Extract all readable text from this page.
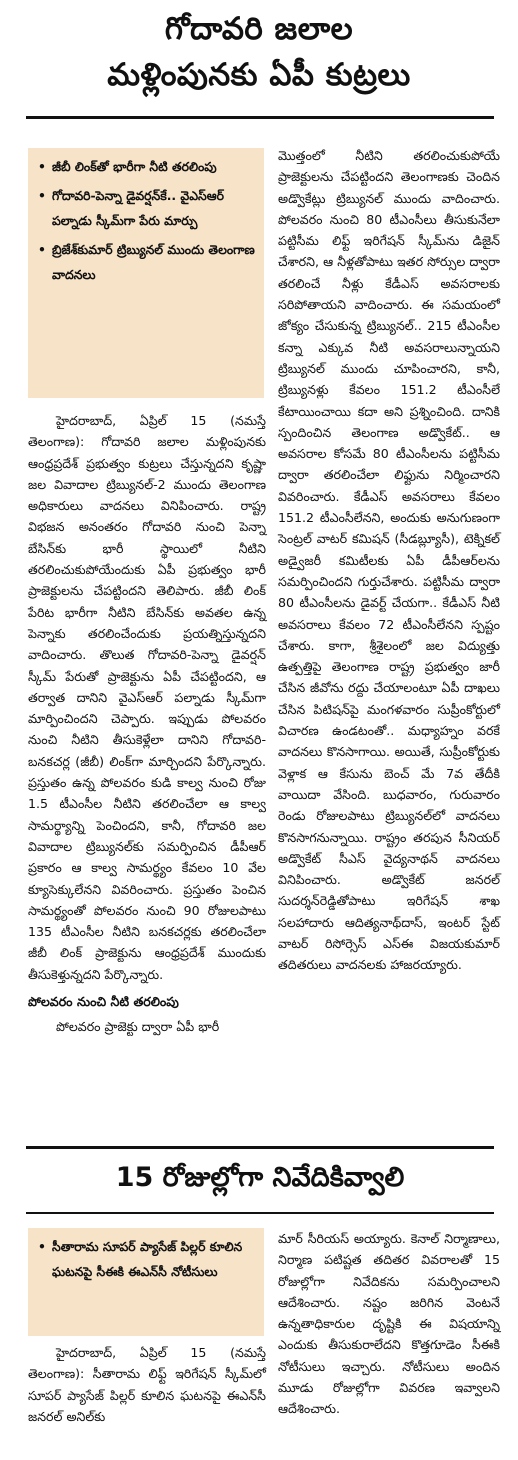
గోదావరి జలాల
మళ్లింపునకు ఏపీ కుట్రలు
• జీబీ లింక్‌తో భారీగా నీటి తరలింపు
• గోదావరి-పెన్నా డైవర్షన్‌కే.. వైఎస్‌ఆర్ పల్నాడు స్కీమ్‌గా పేరు మార్పు
• బ్రిజేశ్‌కుమార్ ట్రిబ్యునల్ ముందు తెలంగాణ వాదనలు

హైదరాబాద్, ఏప్రిల్ 15 (నమస్తే తెలంగాణ): గోదావరి జలాల మళ్లింపునకు ఆంధ్రప్రదేశ్ ప్రభుత్వం కుట్రలు చేస్తున్నదని కృష్ణా జల వివాదాల ట్రిబ్యునల్-2 ముందు తెలంగాణ అధికారులు వాదనలు వినిపించారు. రాష్ట్ర విభజన అనంతరం గోదావరి నుంచి పెన్నా బేసిన్‌కు భారీ స్థాయిలో నీటిని తరలించుకుపోయేందుకు ఏపీ ప్రభుత్వం భారీ ప్రాజెక్టులను చేపట్టిందని తెలిపారు. జీబీ లింక్ పేరిట భారీగా నీటిని బేసిన్‌కు అవతల ఉన్న పెన్నాకు తరలించేందుకు ప్రయత్నిస్తున్నదని వాదించారు. తొలుత గోదావరి-పెన్నా డైవర్షన్ స్కీమ్ పేరుతో ప్రాజెక్టును ఏపీ చేపట్టిందని, ఆ తర్వాత దానిని వైఎస్‌ఆర్ పల్నాడు స్కీమ్‌గా మార్పించిందని చెప్పారు. ఇప్పుడు పోలవరం నుంచి నీటిని తీసుకెళ్లేలా దానిని గోదావరి-బనకచర్ల (జీబీ) లింక్‌గా మార్చిందని పేర్కొన్నారు. ప్రస్తుతం ఉన్న పోలవరం కుడి కాల్వ నుంచి రోజు 1.5 టీఎంసీల నీటిని తరలించేలా ఆ కాల్వ సామర్థ్యాన్ని పెంచిందని, కానీ, గోదావరి జల వివాదాల ట్రిబ్యునల్‌కు సమర్పించిన డీపీఆర్ ప్రకారం ఆ కాల్వ సామర్థ్యం కేవలం 10 వేల క్యూసెక్కులేనని వివరించారు. ప్రస్తుతం పెంచిన సామర్థ్యంతో పోలవరం నుంచి 90 రోజులపాటు 135 టీఎంసీల నీటిని బనకచర్లకు తరలించేలా జీబీ లింక్ ప్రాజెక్టును ఆంధ్రప్రదేశ్ ముందుకు తీసుకెళ్తున్నదని పేర్కొన్నారు.

పోలవరం నుంచి నీటి తరలింపు

పోలవరం ప్రాజెక్టు ద్వారా ఏపీ భారీ

మొత్తంలో నీటిని తరలించుకుపోయే ప్రాజెక్టులను చేపట్టిందని తెలంగాణకు చెందిన అడ్వొకేట్లు ట్రిబ్యునల్ ముందు వాదించారు. పోలవరం నుంచి 80 టీఎంసీలు తీసుకునేలా పట్టిసీమ లిఫ్ట్ ఇరిగేషన్ స్కీమ్‌ను డిజైన్ చేశారని, ఆ నీళ్లతోపాటు ఇతర సోర్సుల ద్వారా తరలించే నీళ్లు కేడీఎస్ అవసరాలకు సరిపోతాయని వాదించారు. ఈ సమయంలో జోక్యం చేసుకున్న ట్రిబ్యునల్.. 215 టీఎంసీల కన్నా ఎక్కువ నీటి అవసరాలున్నాయని ట్రిబ్యునల్ ముందు చూపించారని, కానీ, ట్రిబ్యునళ్లు కేవలం 151.2 టీఎంసీలే కేటాయించాయి కదా అని ప్రశ్నించింది. దానికి స్పందించిన తెలంగాణ అడ్వొకేట్.. ఆ అవసరాల కోసమే 80 టీఎంసీలను పట్టిసీమ ద్వారా తరలించేలా లిఫ్టును నిర్మించారని వివరించారు. కేడీఎస్ అవసరాలు కేవలం 151.2 టీఎంసీలేనని, అందుకు అనుగుణంగా సెంట్రల్ వాటర్ కమిషన్ (సీడబ్ల్యూసీ), టెక్నికల్ అడ్వైజరీ కమిటీలకు ఏపీ డీపీఆర్‌లను సమర్పించిందని గుర్తుచేశారు. పట్టిసీమ ద్వారా 80 టీఎంసీలను డైవర్ట్ చేయగా.. కేడీఎస్ నీటి అవసరాలు కేవలం 72 టీఎంసీలేనని స్పష్టం చేశారు. కాగా, శ్రీశైలంలో జల విద్యుత్తు ఉత్పత్తిపై తెలంగాణ రాష్ట్ర ప్రభుత్వం జారీ చేసిన జీవోను రద్దు చేయాలంటూ ఏపీ దాఖలు చేసిన పిటిషన్‌పై మంగళవారం సుప్రీంకోర్టులో విచారణ ఉండటంతో.. మధ్యాహ్నం వరకే వాదనలు కొనసాగాయి. అయితే, సుప్రీంకోర్టుకు వెళ్లాక ఆ కేసును బెంచ్ మే 7వ తేదీకి వాయిదా వేసింది. బుధవారం, గురువారం రెండు రోజులపాటు ట్రిబ్యునల్‌లో వాదనలు కొనసాగనున్నాయి. రాష్ట్రం తరపున సీనియర్ అడ్వొకేట్ సీఎస్ వైద్యనాథన్ వాదనలు వినిపించారు. అడ్వొకేట్ జనరల్ సుదర్శన్‌రెడ్డితోపాటు ఇరిగేషన్ శాఖ సలహాదారు ఆదిత్యనాథ్‌దాస్, ఇంటర్ స్టేట్ వాటర్ రిసోర్సెస్ ఎస్‌ఈ విజయకుమార్ తదితరులు వాదనలకు హాజరయ్యారు.

15 రోజుల్లోగా నివేదికివ్వాలి
• సీతారామ సూపర్ ప్యాసేజ్ పిల్లర్ కూలిన ఘటనపై సీఈకి ఈఎన్‌సీ నోటీసులు

హైదరాబాద్, ఏప్రిల్ 15 (నమస్తే తెలంగాణ): సీతారామ లిఫ్ట్ ఇరిగేషన్ స్కీమ్‌లో సూపర్ ప్యాసేజ్ పిల్లర్ కూలిన ఘటనపై ఈఎన్‌సీ జనరల్ అనిల్‌కు

మార్ సీరియస్ అయ్యారు. కెనాల్ నిర్మాణాలు, నిర్మాణ పటిష్టత తదితర వివరాలతో 15 రోజుల్లోగా నివేదికను సమర్పించాలని ఆదేశించారు. నష్టం జరిగిన వెంటనే ఉన్నతాధికారుల దృష్టికి ఈ విషయాన్ని ఎందుకు తీసుకురాలేదని కొత్తగూడెం సీఈకి నోటీసులు ఇచ్చారు. నోటీసులు అందిన మూడు రోజుల్లోగా వివరణ ఇవ్వాలని ఆదేశించారు.
